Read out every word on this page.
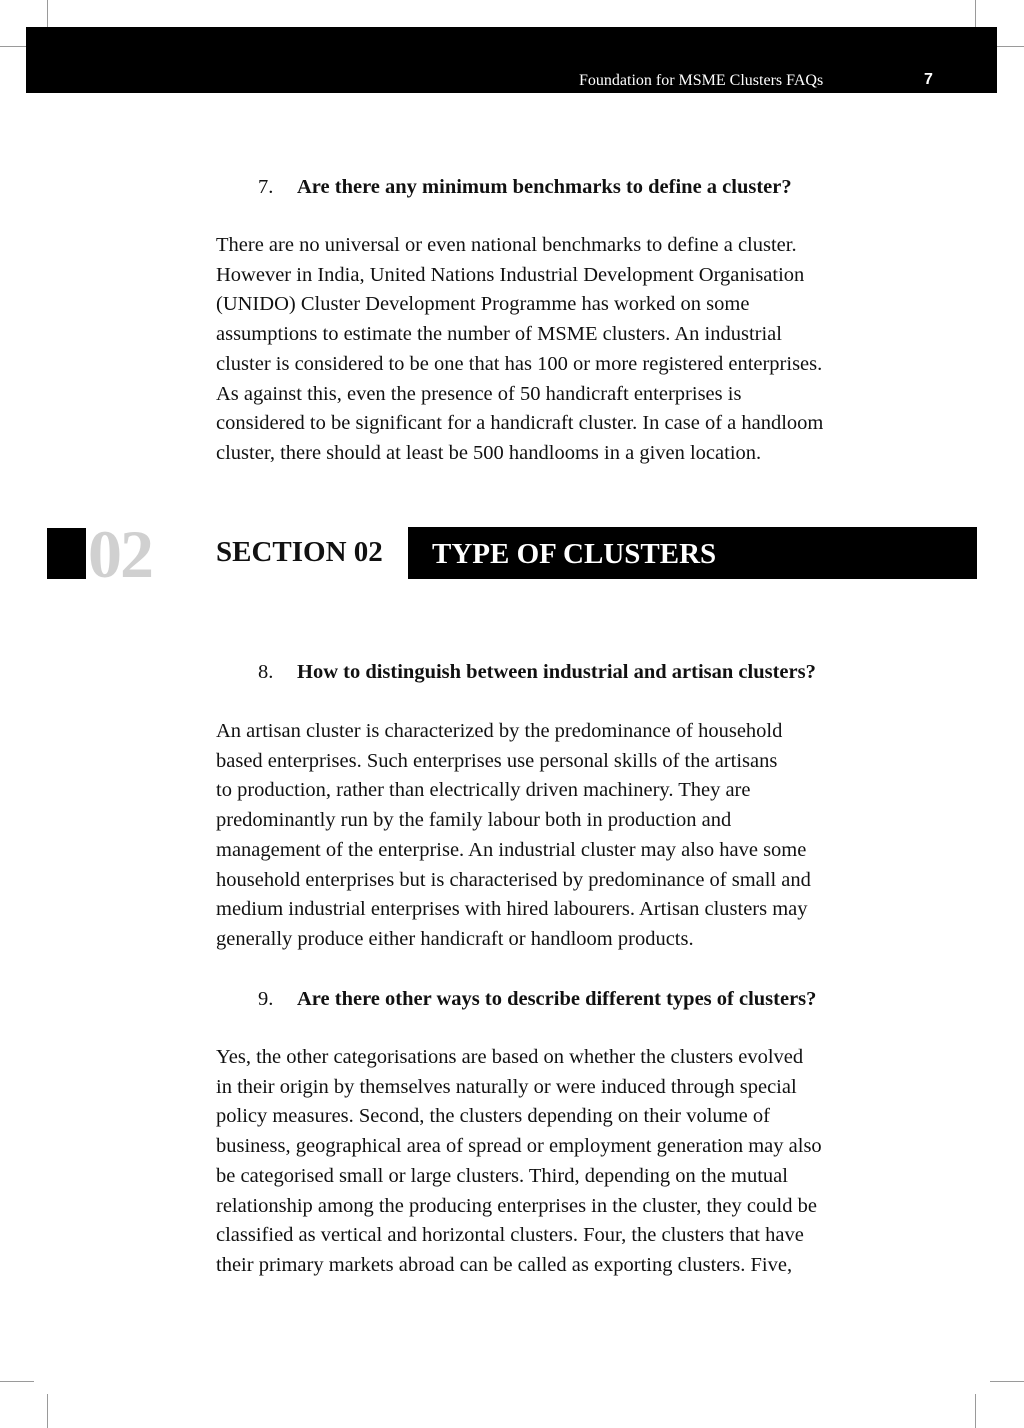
Foundation for MSME Clusters FAQs	7
7. Are there any minimum benchmarks to define a cluster?
There are no universal or even national benchmarks to define a cluster.
However in India, United Nations Industrial Development Organisation
(UNIDO) Cluster Development Programme has worked on some
assumptions to estimate the number of MSME clusters. An industrial
cluster is considered to be one that has 100 or more registered enterprises.
As against this, even the presence of 50 handicraft enterprises is
considered to be significant for a handicraft cluster. In case of a handloom
cluster, there should at least be 500 handlooms in a given location.
02 SECTION 02 TYPE OF CLUSTERS
8. How to distinguish between industrial and artisan clusters?
An artisan cluster is characterized by the predominance of household
based enterprises. Such enterprises use personal skills of the artisans
to production, rather than electrically driven machinery. They are
predominantly run by the family labour both in production and
management of the enterprise. An industrial cluster may also have some
household enterprises but is characterised by predominance of small and
medium industrial enterprises with hired labourers. Artisan clusters may
generally produce either handicraft or handloom products.
9. Are there other ways to describe different types of clusters?
Yes, the other categorisations are based on whether the clusters evolved
in their origin by themselves naturally or were induced through special
policy measures. Second, the clusters depending on their volume of
business, geographical area of spread or employment generation may also
be categorised small or large clusters. Third, depending on the mutual
relationship among the producing enterprises in the cluster, they could be
classified as vertical and horizontal clusters. Four, the clusters that have
their primary markets abroad can be called as exporting clusters. Five,
